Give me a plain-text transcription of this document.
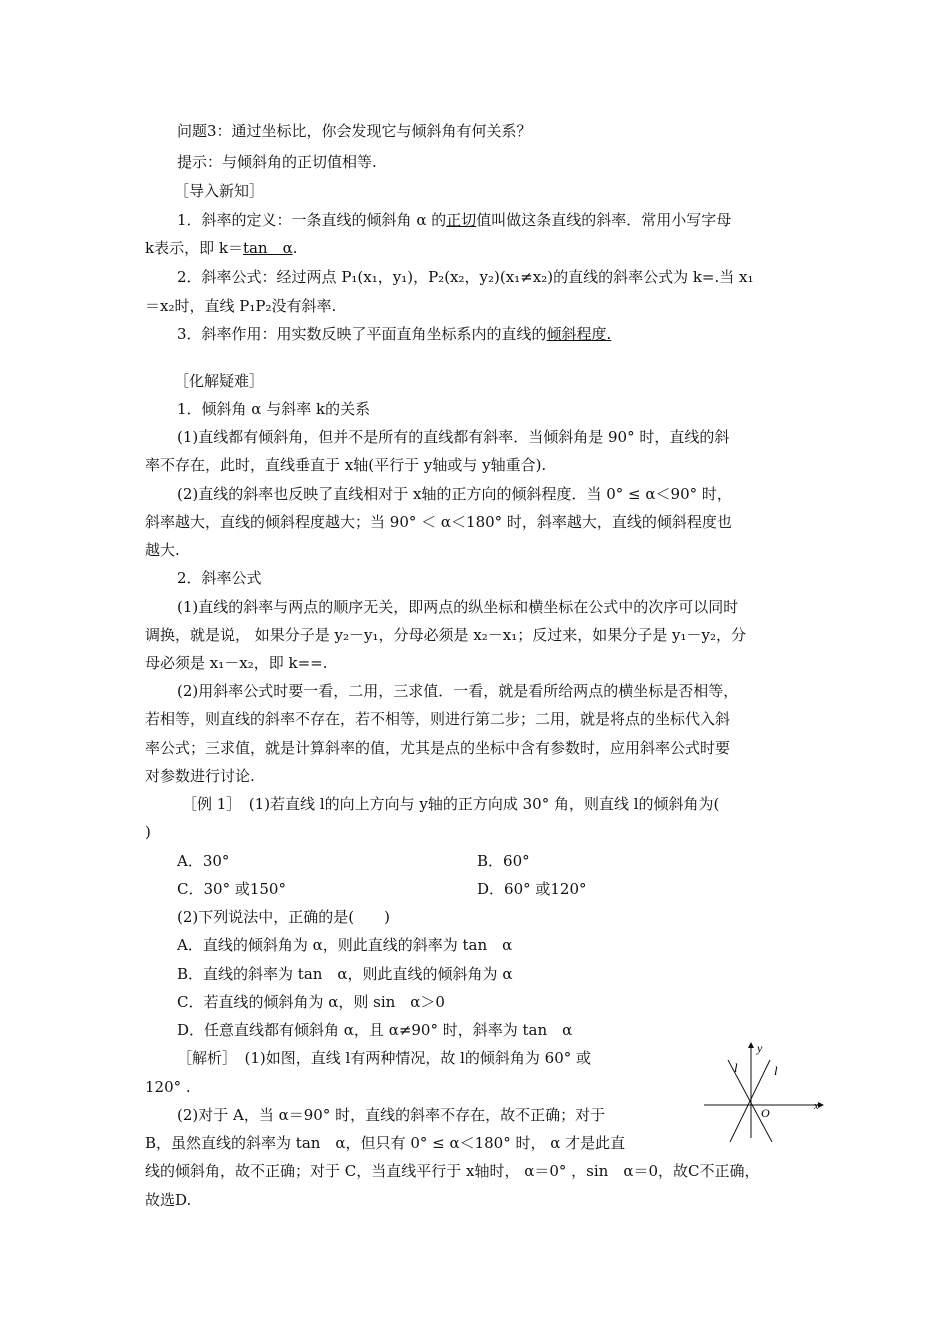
问题3：通过坐标比，你会发现它与倾斜角有何关系？
提示：与倾斜角的正切值相等.
［导入新知］
1．斜率的定义：一条直线的倾斜角 α 的正切值叫做这条直线的斜率．常用小写字母
k表示，即 k＝tan　α.
2．斜率公式：经过两点 P₁(x₁，y₁)，P₂(x₂，y₂)(x₁≠x₂)的直线的斜率公式为 k=.当 x₁
＝x₂时，直线 P₁P₂没有斜率.
3．斜率作用：用实数反映了平面直角坐标系内的直线的倾斜程度.
［化解疑难］
1．倾斜角 α 与斜率 k的关系
(1)直线都有倾斜角，但并不是所有的直线都有斜率．当倾斜角是 90° 时，直线的斜
率不存在，此时，直线垂直于 x轴(平行于 y轴或与 y轴重合).
(2)直线的斜率也反映了直线相对于 x轴的正方向的倾斜程度．当 0° ≤ α＜90° 时，
斜率越大，直线的倾斜程度越大；当 90° ＜ α＜180° 时，斜率越大，直线的倾斜程度也
越大.
2．斜率公式
(1)直线的斜率与两点的顺序无关，即两点的纵坐标和横坐标在公式中的次序可以同时
调换，就是说， 如果分子是 y₂－y₁，分母必须是 x₂－x₁；反过来，如果分子是 y₁－y₂，分
母必须是 x₁－x₂，即 k==.
(2)用斜率公式时要一看，二用，三求值．一看，就是看所给两点的横坐标是否相等，
若相等，则直线的斜率不存在，若不相等，则进行第二步；二用，就是将点的坐标代入斜
率公式；三求值，就是计算斜率的值，尤其是点的坐标中含有参数时，应用斜率公式时要
对参数进行讨论.
［例 1］　(1)若直线 l的向上方向与 y轴的正方向成 30° 角，则直线 l的倾斜角为(
)
A．30°	B．60°
C．30° 或150°	D．60° 或120°
(2)下列说法中，正确的是(　　)
A．直线的倾斜角为 α，则此直线的斜率为 tan　α
B．直线的斜率为 tan　α，则此直线的倾斜角为 α
C．若直线的倾斜角为 α，则 sin　α＞0
D．任意直线都有倾斜角 α，且 α≠90° 时，斜率为 tan　α
［解析］　(1)如图，直线 l有两种情况，故 l的倾斜角为 60° 或
120° .
(2)对于 A，当 α＝90° 时，直线的斜率不存在，故不正确；对于
B，虽然直线的斜率为 tan　α，但只有 0° ≤ α＜180° 时， α 才是此直
线的倾斜角，故不正确；对于 C，当直线平行于 x轴时， α＝0° ，sin　α＝0，故C不正确，
故选D.
l	l
y
O	x
